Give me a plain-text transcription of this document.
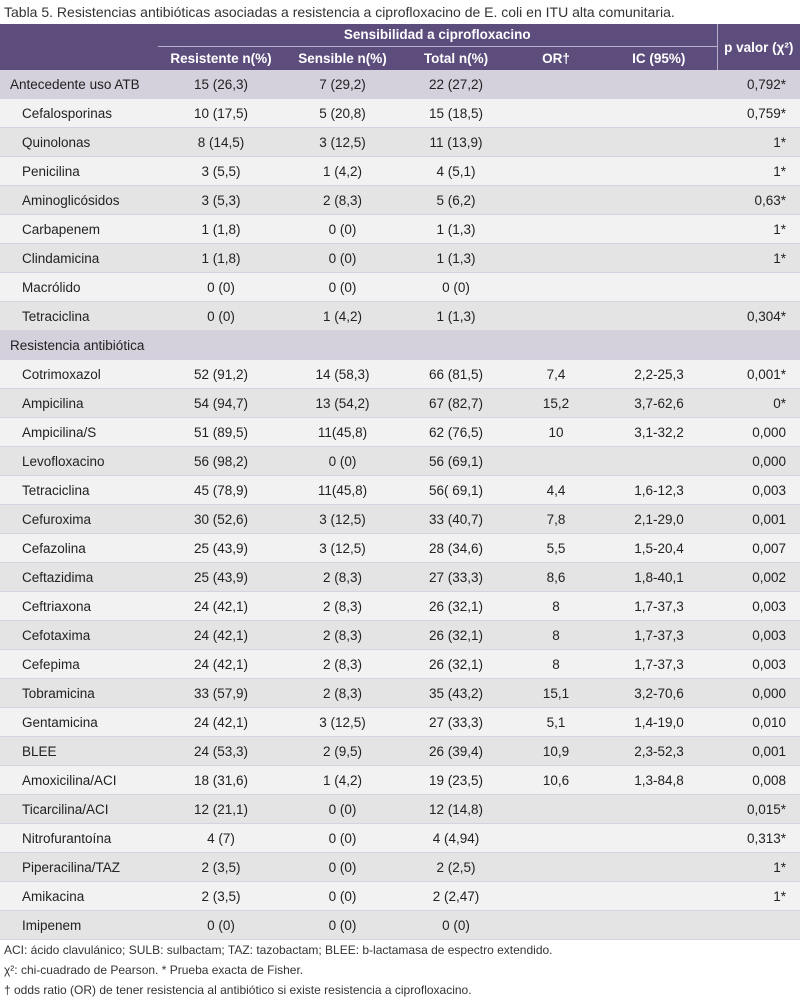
Tabla 5. Resistencias antibióticas asociadas a resistencia a ciprofloxacino de E. coli en ITU alta comunitaria.
	Sensibilidad a ciprofloxacino					p valor (χ²)
	Resistente n(%)	Sensible n(%)	Total n(%)	OR†	IC (95%)	
Antecedente uso ATB	15 (26,3)	7 (29,2)	22 (27,2)			0,792*
Cefalosporinas	10 (17,5)	5 (20,8)	15 (18,5)			0,759*
Quinolonas	8 (14,5)	3 (12,5)	11 (13,9)			1*
Penicilina	3 (5,5)	1 (4,2)	4 (5,1)			1*
Aminoglicósidos	3 (5,3)	2 (8,3)	5 (6,2)			0,63*
Carbapenem	1 (1,8)	0 (0)	1 (1,3)			1*
Clindamicina	1 (1,8)	0 (0)	1 (1,3)			1*
Macrólido	0 (0)	0 (0)	0 (0)			
Tetraciclina	0 (0)	1 (4,2)	1 (1,3)			0,304*
Resistencia antibiótica						
Cotrimoxazol	52 (91,2)	14 (58,3)	66 (81,5)	7,4	2,2-25,3	0,001*
Ampicilina	54 (94,7)	13 (54,2)	67 (82,7)	15,2	3,7-62,6	0*
Ampicilina/S	51 (89,5)	11(45,8)	62 (76,5)	10	3,1-32,2	0,000
Levofloxacino	56 (98,2)	0 (0)	56 (69,1)			0,000
Tetraciclina	45 (78,9)	11(45,8)	56( 69,1)	4,4	1,6-12,3	0,003
Cefuroxima	30 (52,6)	3 (12,5)	33 (40,7)	7,8	2,1-29,0	0,001
Cefazolina	25 (43,9)	3 (12,5)	28 (34,6)	5,5	1,5-20,4	0,007
Ceftazidima	25 (43,9)	2 (8,3)	27 (33,3)	8,6	1,8-40,1	0,002
Ceftriaxona	24 (42,1)	2 (8,3)	26 (32,1)	8	1,7-37,3	0,003
Cefotaxima	24 (42,1)	2 (8,3)	26 (32,1)	8	1,7-37,3	0,003
Cefepima	24 (42,1)	2 (8,3)	26 (32,1)	8	1,7-37,3	0,003
Tobramicina	33 (57,9)	2 (8,3)	35 (43,2)	15,1	3,2-70,6	0,000
Gentamicina	24 (42,1)	3 (12,5)	27 (33,3)	5,1	1,4-19,0	0,010
BLEE	24 (53,3)	2 (9,5)	26 (39,4)	10,9	2,3-52,3	0,001
Amoxicilina/ACI	18 (31,6)	1 (4,2)	19 (23,5)	10,6	1,3-84,8	0,008
Ticarcilina/ACI	12 (21,1)	0 (0)	12 (14,8)			0,015*
Nitrofurantoína	4 (7)	0 (0)	4 (4,94)			0,313*
Piperacilina/TAZ	2 (3,5)	0 (0)	2 (2,5)			1*
Amikacina	2 (3,5)	0 (0)	2 (2,47)			1*
Imipenem	0 (0)	0 (0)	0 (0)			
ACI: ácido clavulánico; SULB: sulbactam; TAZ: tazobactam; BLEE: b-lactamasa de espectro extendido.
χ²: chi-cuadrado de Pearson. * Prueba exacta de Fisher.
† odds ratio (OR) de tener resistencia al antibiótico si existe resistencia a ciprofloxacino.
